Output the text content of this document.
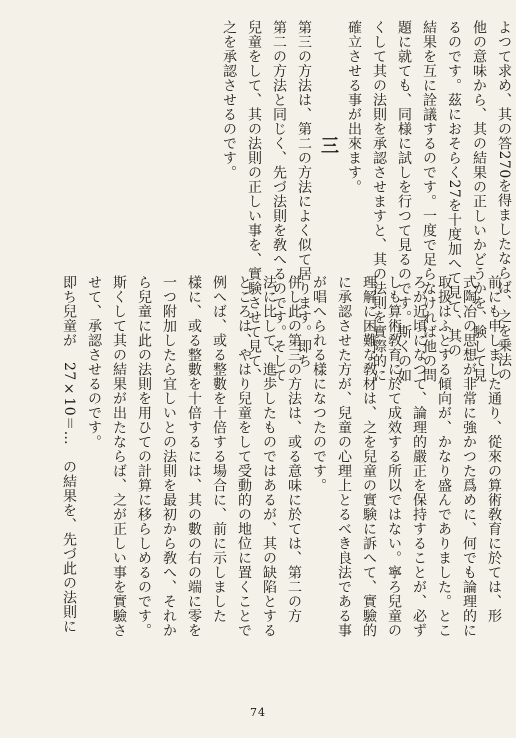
よつて求め、其の答270を得ましたならば、之を乗法の
他の意味から、其の結果の正しいかどうかを、験して見
るのです。茲におそらく27を十度加へて見て、其の
結果を互に詮議するのです。一度で足らなければ他の問
題に就ても、同様に試しを行つて見るのです。斯くの如
くして其の法則を承認させますと、其の法則を實際的に
確立させる事が出來ます。
三
第三の方法は、第二の方法によく似て居ります。即ち
第二の方法と同じく、先づ法則を敎へるのです。そして
兒童をして、其の法則の正しい事を、實験させて見て、
之を承認させるのです。
前にも申しました通り、從來の算術敎育に於ては、形
式陶冶の思想が非常に強かつた爲めに、何でも論理的に
取扱はふとする傾向が、かなり盛んでありました。とこ
ろが近頃になつて、論理的嚴正を保持することが、必ず
しも算術敎育に於て成效する所以ではない。寧ろ兒童の
理解に困難な敎材は、之を兒童の實験に訴へて、實驗的
に承認させた方が、兒童の心理上とるべき良法である事
が唱へられる樣になつたのです。
併し此の第三の方法は、或る意味に於ては、第二の方
法に比して、進歩したものではあるが、其の缺陷とする
ところは、やはり兒童をして受動的の地位に置くことで
例へば、或る整數を十倍する場合に、前に示しました
樣に、或る整數を十倍するには、其の數の右の端に零を
一つ附加したら宜しいとの法則を最初から敎へ、それか
ら兒童に此の法則を用ひての計算に移らしめるのです。
斯くして其の結果が出たならば、之が正しい事を實驗さ
せて、承認させるのです。
即ち兒童が　27×10＝…　の結果を、先づ此の法則に
74
